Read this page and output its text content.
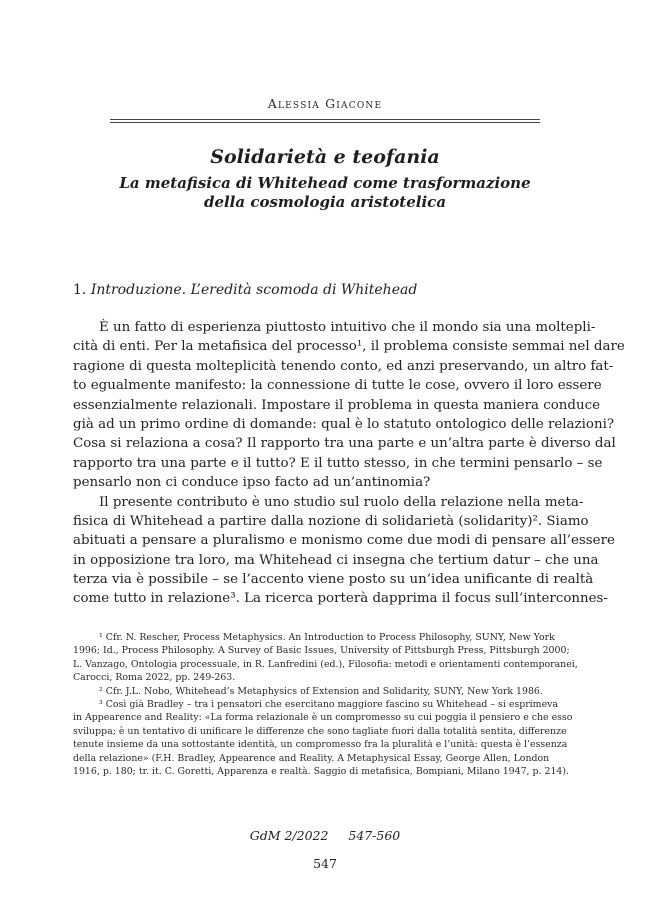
Alessia Giacone
Solidarietà e teofania
La metafisica di Whitehead come trasformazione
della cosmologia aristotelica
1. Introduzione. L’eredità scomoda di Whitehead
È un fatto di esperienza piuttosto intuitivo che il mondo sia una moltepli-
cità di enti. Per la metafisica del processo¹, il problema consiste semmai nel dare
ragione di questa molteplicità tenendo conto, ed anzi preservando, un altro fat-
to egualmente manifesto: la connessione di tutte le cose, ovvero il loro essere
essenzialmente relazionali. Impostare il problema in questa maniera conduce
già ad un primo ordine di domande: qual è lo statuto ontologico delle relazioni?
Cosa si relaziona a cosa? Il rapporto tra una parte e un’altra parte è diverso dal
rapporto tra una parte e il tutto? E il tutto stesso, in che termini pensarlo – se
pensarlo non ci conduce ipso facto ad un’antinomia?
Il presente contributo è uno studio sul ruolo della relazione nella meta-
fisica di Whitehead a partire dalla nozione di solidarietà (solidarity)². Siamo
abituati a pensare a pluralismo e monismo come due modi di pensare all’essere
in opposizione tra loro, ma Whitehead ci insegna che tertium datur – che una
terza via è possibile – se l’accento viene posto su un’idea unificante di realtà
come tutto in relazione³. La ricerca porterà dapprima il focus sull’interconnes-
¹ Cfr. N. Rescher, Process Metaphysics. An Introduction to Process Philosophy, SUNY, New York
1996; Id., Process Philosophy. A Survey of Basic Issues, University of Pittsburgh Press, Pittsburgh 2000;
L. Vanzago, Ontologia processuale, in R. Lanfredini (ed.), Filosofia: metodi e orientamenti contemporanei,
Carocci, Roma 2022, pp. 249-263.
² Cfr. J.L. Nobo, Whitehead’s Metaphysics of Extension and Solidarity, SUNY, New York 1986.
³ Così già Bradley – tra i pensatori che esercitano maggiore fascino su Whitehead – si esprimeva
in Appearence and Reality: «La forma relazionale è un compromesso su cui poggia il pensiero e che esso
sviluppa; è un tentativo di unificare le differenze che sono tagliate fuori dalla totalità sentita, differenze
tenute insieme da una sottostante identità, un compromesso fra la pluralità e l’unità: questa è l’essenza
della relazione» (F.H. Bradley, Appearence and Reality. A Metaphysical Essay, George Allen, London
1916, p. 180; tr. it. C. Goretti, Apparenza e realtà. Saggio di metafisica, Bompiani, Milano 1947, p. 214).
GdM 2/2022     547-560
547
